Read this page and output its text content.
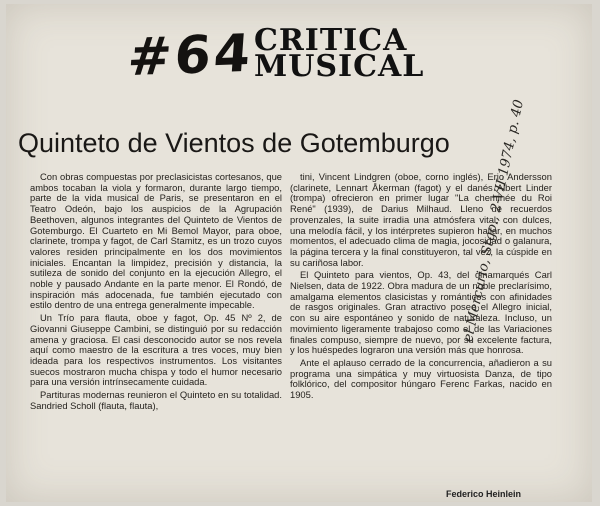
#64
CRITICA
MUSICAL
Quinteto de Vientos de Gotemburgo

Con obras compuestas por preclasicistas cortesanos, que ambos tocaban la viola y formaron, durante largo tiempo, parte de la vida musical de Paris, se presentaron en el Teatro Odeón, bajo los auspicios de la Agrupación Beethoven, algunos integrantes del Quinteto de Vientos de Gotemburgo. El Cuarteto en Mi Bemol Mayor, para oboe, clarinete, trompa y fagot, de Carl Stamitz, es un trozo cuyos valores residen principalmente en los dos movimientos iniciales. Encantan la limpidez, precisión y distancia, la sutileza de sonido del conjunto en la ejecución Allegro, el noble y pausado Andante en la parte menor. El Rondó, de inspiración más adocenada, fue también ejecutado con estilo dentro de una entrega generalmente impecable.

Un Trío para flauta, oboe y fagot, Op. 45 Nº 2, de Giovanni Giuseppe Cambini, se distinguió por su redacción amena y graciosa. El casi desconocido autor se nos revela aquí como maestro de la escritura a tres voces, muy bien ideada para los respectivos instrumentos. Los visitantes suecos mostraron mucha chispa y todo el humor necesario para una versión intrínsecamente cuidada.

Partituras modernas reunieron el Quinteto en su totalidad. Sandried Scholl (flauta, flauta),

tini, Vincent Lindgren (oboe, corno inglés), Eric Andersson (clarinete, Lennart Åkerman (fagot) y el danés Albert Linder (trompa) ofrecieron en primer lugar "La cheminée du Roi René" (1939), de Darius Milhaud. Lleno de recuerdos provenzales, la suite irradia una atmósfera vital, con dulces, una melodía fácil, y los intérpretes supieron hallar, en muchos momentos, el adecuado clima de magia, jocosidad o galanura, la página tercera y la final constituyeron, tal vez, la cúspide en su cariñosa labor.

El Quinteto para vientos, Op. 43, del dinamarqués Carl Nielsen, data de 1922. Obra madura de un noble preclarísimo, amalgama elementos clasicistas y románticos con afinidades de rasgos originales. Gran atractivo posee el Allegro inicial, con su aire espontáneo y sonido de naturaleza. Incluso, un movimiento ligeramente trabajoso como el de las Variaciones finales compuso, siempre de nuevo, por su excelente factura, y los huéspedes lograron una versión más que honrosa.

Ante el aplauso cerrado de la concurrencia, añadieron a su programa una simpática y muy virtuosista Danza, de tipo folklórico, del compositor húngaro Ferenc Farkas, nacido en 1905.

Federico Heinlein
el Mercurio, Stgo., 2-VII-1974, p. 40
